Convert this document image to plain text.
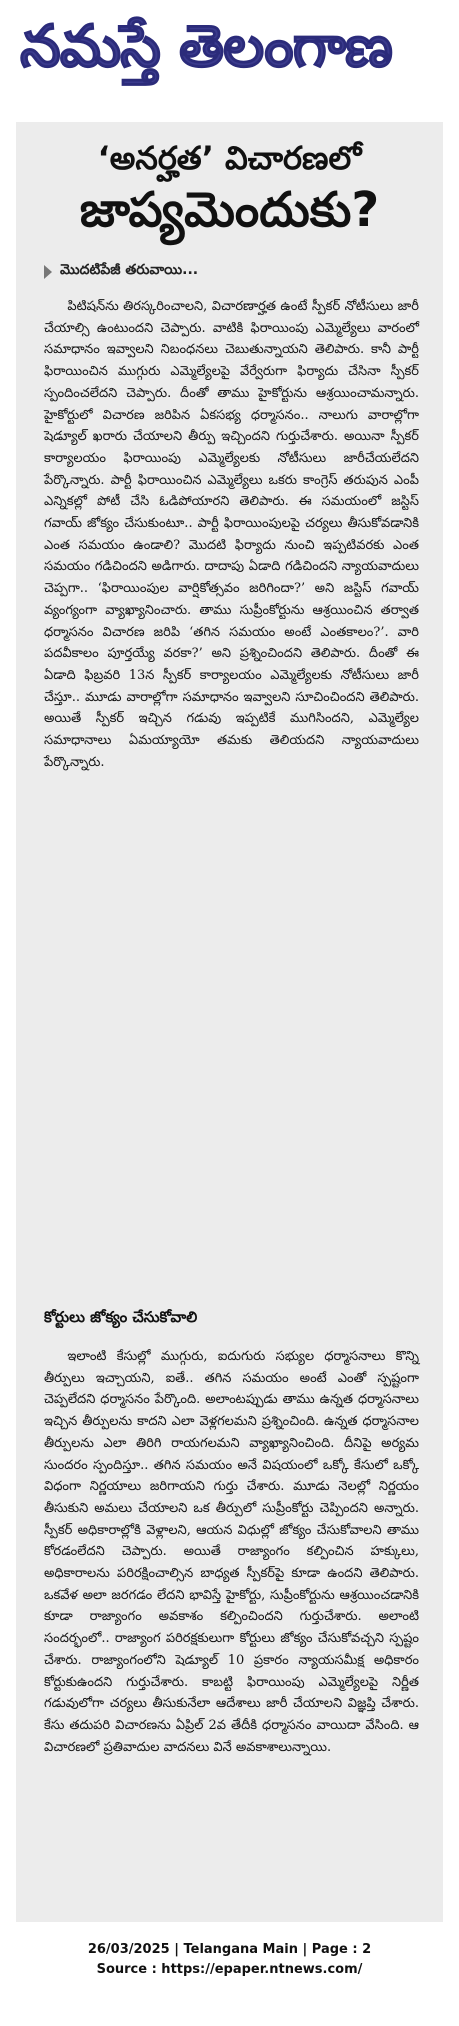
నమస్తే తెలంగాణ
‘అనర్హత’ విచారణలో
జాప్యమెందుకు?
మొదటిపేజీ తరువాయి...

పిటిషన్‌ను తిరస్కరించాలని, విచారణార్హత ఉంటే స్పీకర్ నోటీసులు జారీ చేయాల్సి ఉంటుందని చెప్పారు. వాటికి ఫిరాయింపు ఎమ్మెల్యేలు వారంలో సమాధానం ఇవ్వాలని నిబంధనలు చెబుతున్నాయని తెలిపారు. కానీ పార్టీ ఫిరాయించిన ముగ్గురు ఎమ్మెల్యేలపై వేర్వేరుగా ఫిర్యాదు చేసినా స్పీకర్ స్పందించలేదని చెప్పారు. దీంతో తాము హైకోర్టును ఆశ్రయించామన్నారు. హైకోర్టులో విచారణ జరిపిన ఏకసభ్య ధర్మాసనం.. నాలుగు వారాల్లోగా షెడ్యూల్ ఖరారు చేయాలని తీర్పు ఇచ్చిందని గుర్తుచేశారు. అయినా స్పీకర్ కార్యాలయం ఫిరాయింపు ఎమ్మెల్యేలకు నోటీసులు జారీచేయలేదని పేర్కొన్నారు. పార్టీ ఫిరాయించిన ఎమ్మెల్యేలు ఒకరు కాంగ్రెస్ తరుపున ఎంపీ ఎన్నికల్లో పోటీ చేసి ఓడిపోయారని తెలిపారు. ఈ సమయంలో జస్టిస్ గవాయ్ జోక్యం చేసుకుంటూ.. పార్టీ ఫిరాయింపులపై చర్యలు తీసుకోవడానికి ఎంత సమయం ఉండాలి? మొదటి ఫిర్యాదు నుంచి ఇప్పటివరకు ఎంత సమయం గడిచిందని అడిగారు. దాదాపు ఏడాది గడిచిందని న్యాయవాదులు చెప్పగా.. ‘ఫిరాయింపుల వార్షికోత్సవం జరిగిందా?’ అని జస్టిస్ గవాయ్ వ్యంగ్యంగా వ్యాఖ్యానించారు. తాము సుప్రీంకోర్టును ఆశ్రయించిన తర్వాత ధర్మాసనం విచారణ జరిపి ‘తగిన సమయం అంటే ఎంతకాలం?’. వారి పదవీకాలం పూర్తయ్యే వరకా?’ అని ప్రశ్నించిందని తెలిపారు. దీంతో ఈ ఏడాది ఫిబ్రవరి 13న స్పీకర్ కార్యాలయం ఎమ్మెల్యేలకు నోటీసులు జారీ చేస్తూ.. మూడు వారాల్లోగా సమాధానం ఇవ్వాలని సూచించిందని తెలిపారు. అయితే స్పీకర్ ఇచ్చిన గడువు ఇప్పటికే ముగిసిందని, ఎమ్మెల్యేల సమాధానాలు ఏమయ్యాయో తమకు తెలియదని న్యాయవాదులు పేర్కొన్నారు.

కోర్టులు జోక్యం చేసుకోవాలి

ఇలాంటి కేసుల్లో ముగ్గురు, ఐదుగురు సభ్యుల ధర్మాసనాలు కొన్ని తీర్పులు ఇచ్చాయని, ఐతే.. తగిన సమయం అంటే ఎంతో స్పష్టంగా చెప్పలేదని ధర్మాసనం పేర్కొంది. అలాంటప్పుడు తాము ఉన్నత ధర్మాసనాలు ఇచ్చిన తీర్పులను కాదని ఎలా వెళ్లగలమని ప్రశ్నించింది. ఉన్నత ధర్మాసనాల తీర్పులను ఎలా తిరిగి రాయగలమని వ్యాఖ్యానించింది. దీనిపై అర్యమ సుందరం స్పందిస్తూ.. తగిన సమయం అనే విషయంలో ఒక్కో కేసులో ఒక్కో విధంగా నిర్ణయాలు జరిగాయని గుర్తు చేశారు. మూడు నెలల్లో నిర్ణయం తీసుకుని అమలు చేయాలని ఒక తీర్పులో సుప్రీంకోర్టు చెప్పిందని అన్నారు. స్పీకర్ అధికారాల్లోకి వెళ్లాలని, ఆయన విధుల్లో జోక్యం చేసుకోవాలని తాము కోరడంలేదని చెప్పారు. అయితే రాజ్యాంగం కల్పించిన హక్కులు, అధికారాలను పరిరక్షించాల్సిన బాధ్యత స్పీకర్‌పై కూడా ఉందని తెలిపారు. ఒకవేళ అలా జరగడం లేదని భావిస్తే హైకోర్టు, సుప్రీంకోర్టును ఆశ్రయించడానికి కూడా రాజ్యాంగం అవకాశం కల్పించిందని గుర్తుచేశారు. అలాంటి సందర్భంలో.. రాజ్యాంగ పరిరక్షకులుగా కోర్టులు జోక్యం చేసుకోవచ్చని స్పష్టం చేశారు. రాజ్యాంగంలోని షెడ్యూల్ 10 ప్రకారం న్యాయసమీక్ష అధికారం కోర్టుకుఉందని గుర్తుచేశారు. కాబట్టి ఫిరాయింపు ఎమ్మెల్యేలపై నిర్ణీత గడువులోగా చర్యలు తీసుకునేలా ఆదేశాలు జారీ చేయాలని విజ్ఞప్తి చేశారు. కేసు తదుపరి విచారణను ఏప్రిల్ 2వ తేదీకి ధర్మాసనం వాయిదా వేసింది. ఆ విచారణలో ప్రతివాదుల వాదనలు వినే అవకాశాలున్నాయి.

26/03/2025 | Telangana Main | Page : 2
Source : https://epaper.ntnews.com/
